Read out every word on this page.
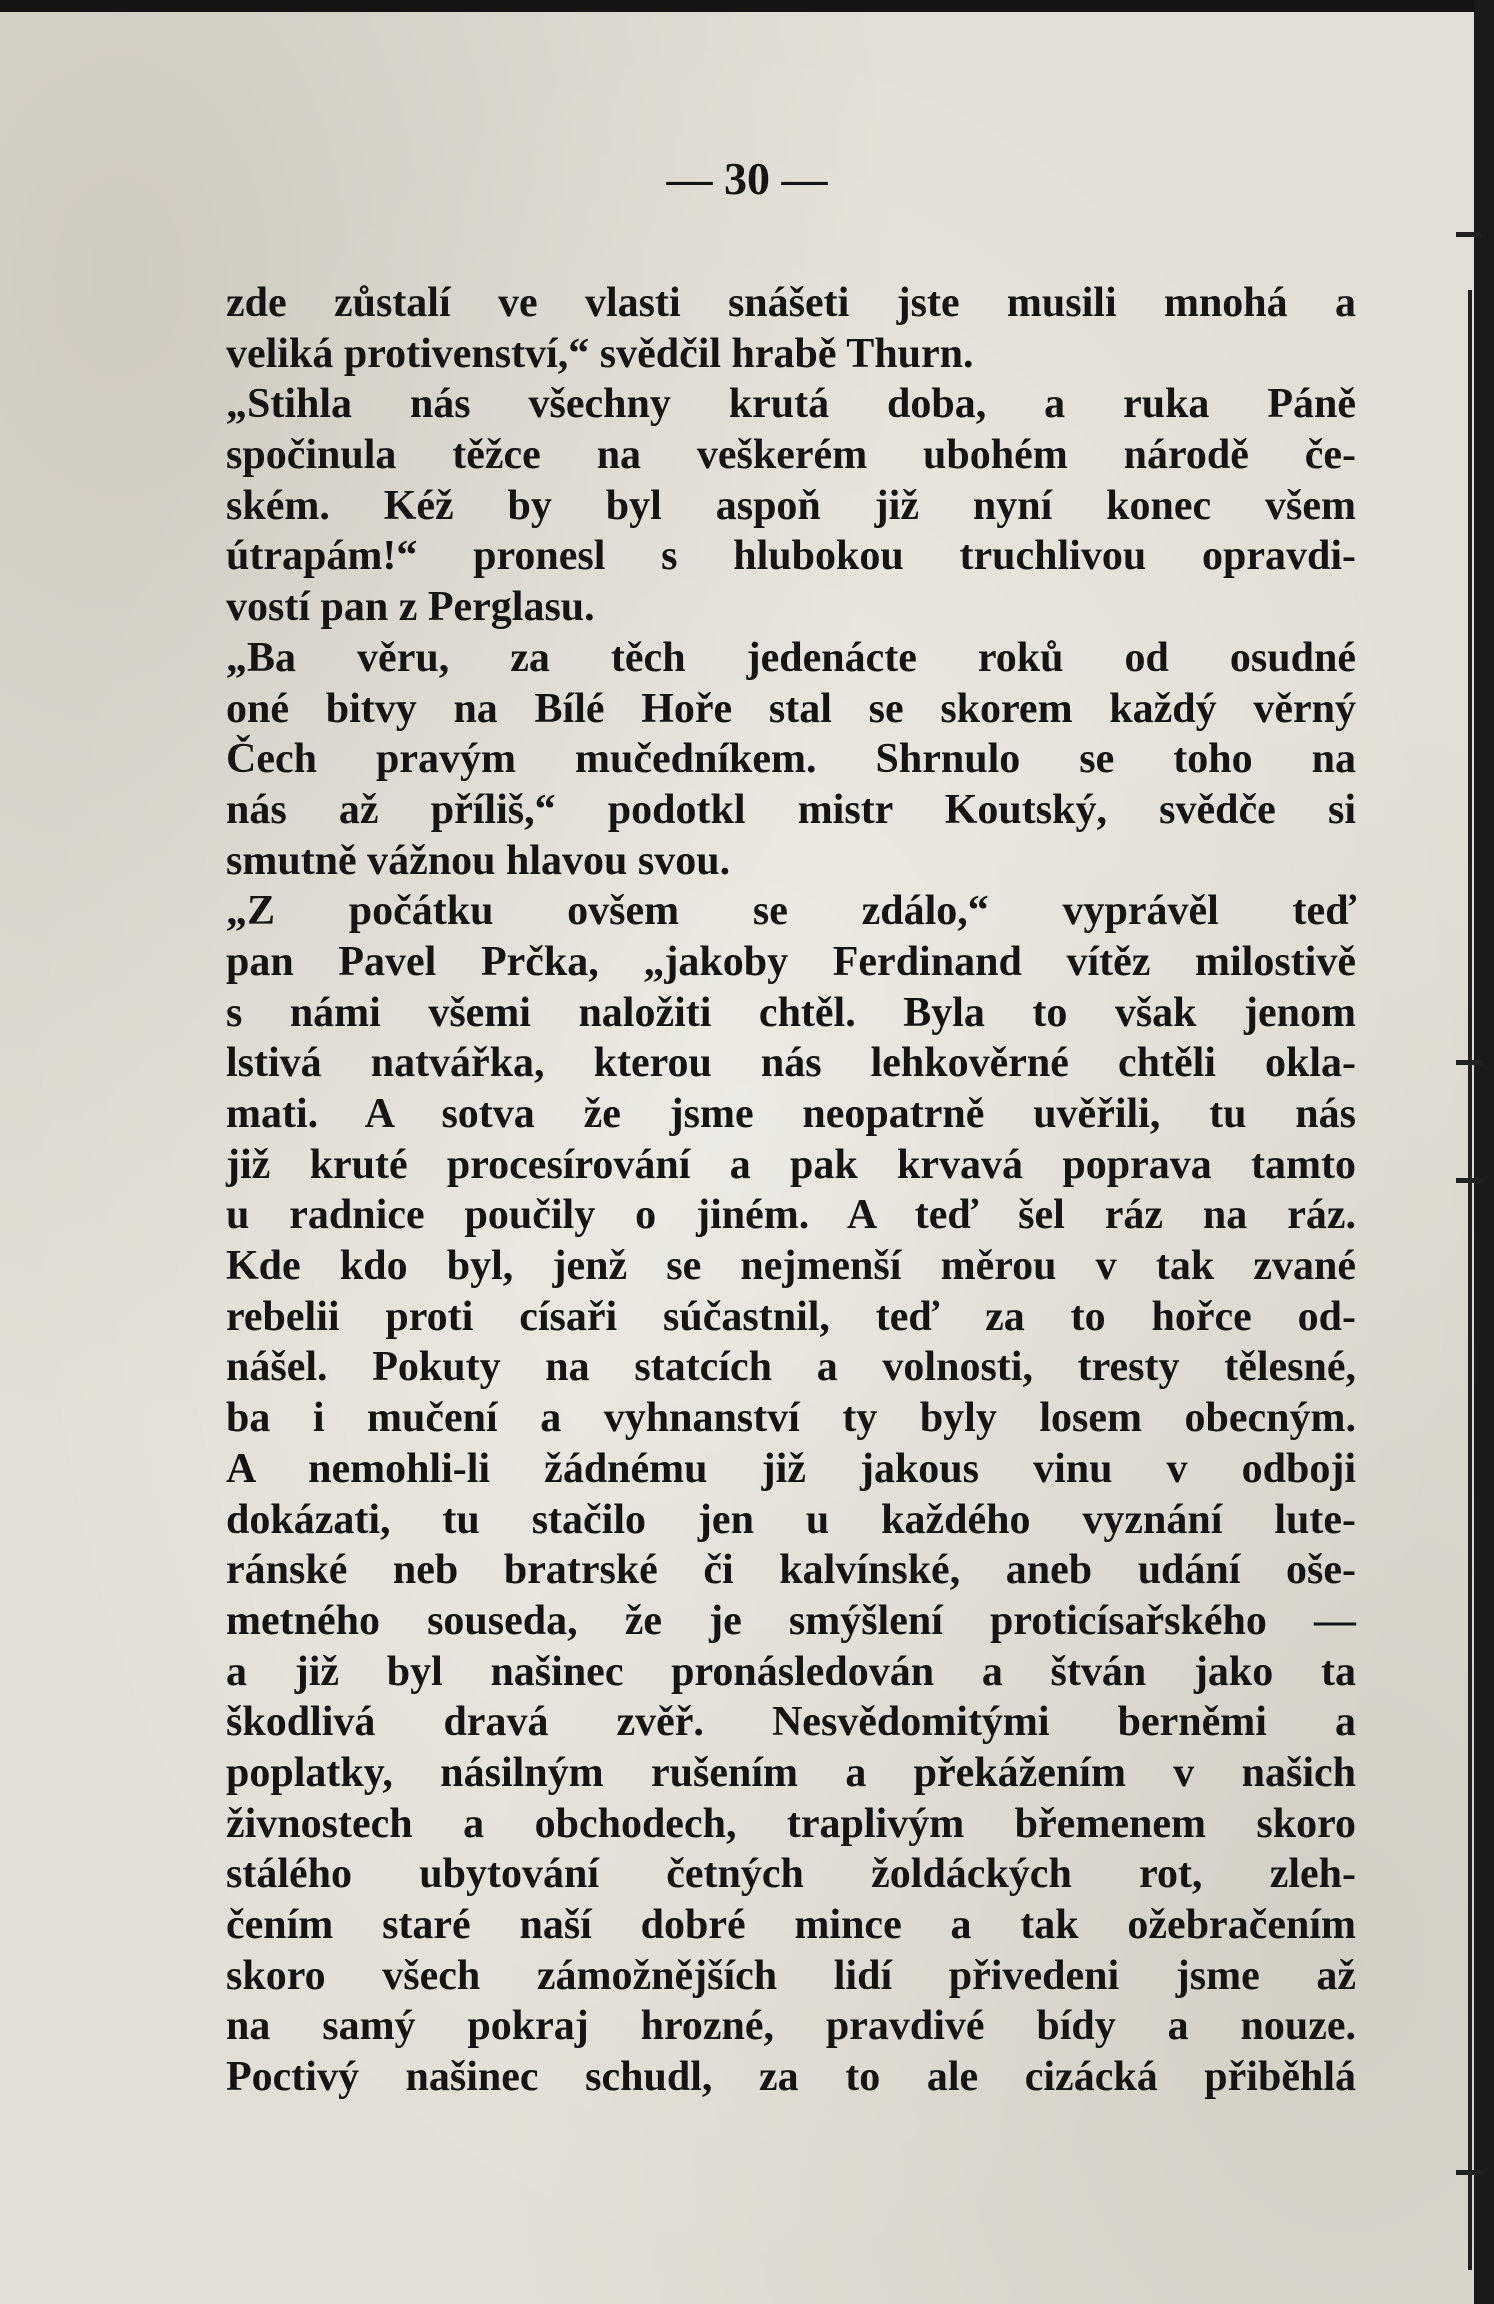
— 30 —
zde zůstalí ve vlasti snášeti jste musili mnohá a
veliká protivenství,“ svědčil hrabě Thurn.
„Stihla nás všechny krutá doba, a ruka Páně
spočinula těžce na veškerém ubohém národě če-
ském. Kéž by byl aspoň již nyní konec všem
útrapám!“ pronesl s hlubokou truchlivou opravdi-
vostí pan z Perglasu.
„Ba věru, za těch jedenácte roků od osudné
oné bitvy na Bílé Hoře stal se skorem každý věrný
Čech pravým mučedníkem. Shrnulo se toho na
nás až příliš,“ podotkl mistr Koutský, svědče si
smutně vážnou hlavou svou.
„Z počátku ovšem se zdálo,“ vyprávěl teď
pan Pavel Prčka, „jakoby Ferdinand vítěz milostivě
s námi všemi naložiti chtěl. Byla to však jenom
lstivá natvářka, kterou nás lehkověrné chtěli okla-
mati. A sotva že jsme neopatrně uvěřili, tu nás
již kruté procesírování a pak krvavá poprava tamto
u radnice poučily o jiném. A teď šel ráz na ráz.
Kde kdo byl, jenž se nejmenší měrou v tak zvané
rebelii proti císaři súčastnil, teď za to hořce od-
nášel. Pokuty na statcích a volnosti, tresty tělesné,
ba i mučení a vyhnanství ty byly losem obecným.
A nemohli-li žádnému již jakous vinu v odboji
dokázati, tu stačilo jen u každého vyznání lute-
ránské neb bratrské či kalvínské, aneb udání oše-
metného souseda, že je smýšlení proticísařského —
a již byl našinec pronásledován a štván jako ta
škodlivá dravá zvěř. Nesvědomitými berněmi a
poplatky, násilným rušením a překážením v našich
živnostech a obchodech, traplivým břemenem skoro
stálého ubytování četných žoldáckých rot, zleh-
čením staré naší dobré mince a tak ožebračením
skoro všech zámožnějších lidí přivedeni jsme až
na samý pokraj hrozné, pravdivé bídy a nouze.
Poctivý našinec schudl, za to ale cizácká přiběhlá
